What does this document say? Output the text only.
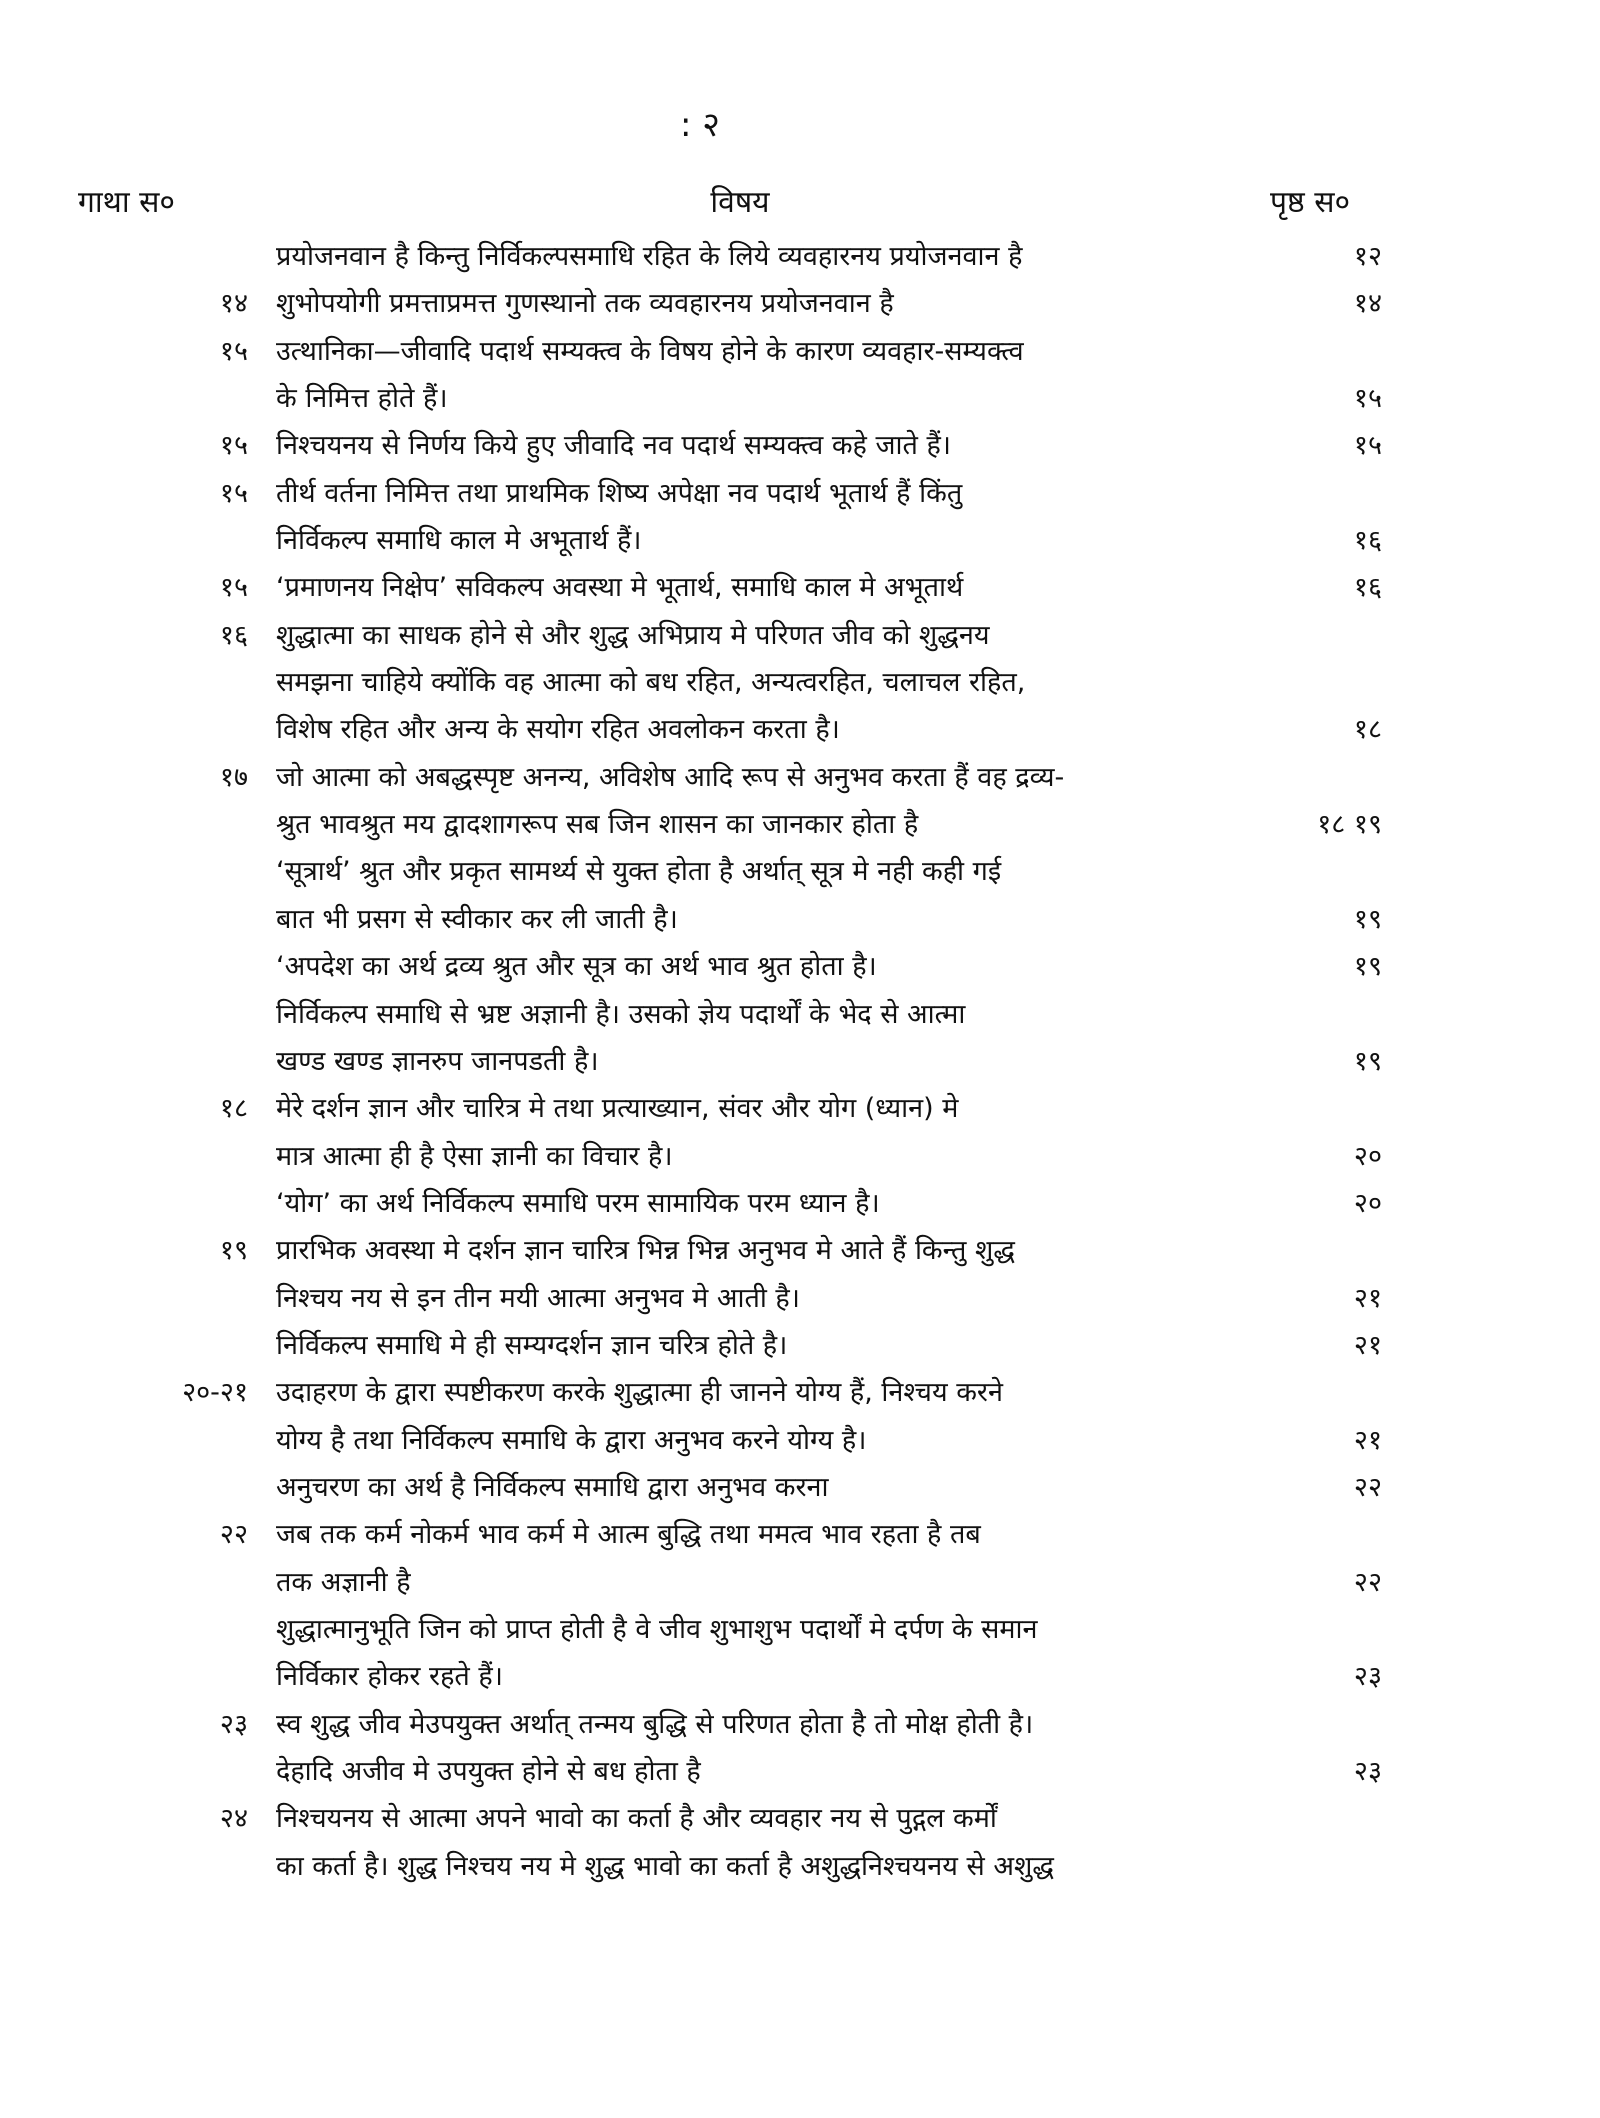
: २
गाथा स०	विषय	पृष्ठ स०
प्रयोजनवान है किन्तु निर्विकल्पसमाधि रहित के लिये व्यवहारनय प्रयोजनवान है	१२
१४ शुभोपयोगी प्रमत्ताप्रमत्त गुणस्थानो तक व्यवहारनय प्रयोजनवान है	१४
१५ उत्थानिका—जीवादि पदार्थ सम्यक्त्व के विषय होने के कारण व्यवहार-सम्यक्त्व
के निमित्त होते हैं।	१५
१५ निश्चयनय से निर्णय किये हुए जीवादि नव पदार्थ सम्यक्त्व कहे जाते हैं।	१५
१५ तीर्थ वर्तना निमित्त तथा प्राथमिक शिष्य अपेक्षा नव पदार्थ भूतार्थ हैं किंतु
निर्विकल्प समाधि काल मे अभूतार्थ हैं।	१६
१५ ‘प्रमाणनय निक्षेप’ सविकल्प अवस्था मे भूतार्थ, समाधि काल मे अभूतार्थ	१६
१६ शुद्धात्मा का साधक होने से और शुद्ध अभिप्राय मे परिणत जीव को शुद्धनय
समझना चाहिये क्योंकि वह आत्मा को बध रहित, अन्यत्वरहित, चलाचल रहित,
विशेष रहित और अन्य के सयोग रहित अवलोकन करता है।	१८
१७ जो आत्मा को अबद्धस्पृष्ट अनन्य, अविशेष आदि रूप से अनुभव करता हैं वह द्रव्य-
श्रुत भावश्रुत मय द्वादशागरूप सब जिन शासन का जानकार होता है	१८ १९
‘सूत्रार्थ’ श्रुत और प्रकृत सामर्थ्य से युक्त होता है अर्थात् सूत्र मे नही कही गई
बात भी प्रसग से स्वीकार कर ली जाती है।	१९
‘अपदेश का अर्थ द्रव्य श्रुत और सूत्र का अर्थ भाव श्रुत होता है।	१९
निर्विकल्प समाधि से भ्रष्ट अज्ञानी है। उसको ज्ञेय पदार्थों के भेद से आत्मा
खण्ड खण्ड ज्ञानरुप जानपडती है।	१९
१८ मेरे दर्शन ज्ञान और चारित्र मे तथा प्रत्याख्यान, संवर और योग (ध्यान) मे
मात्र आत्मा ही है ऐसा ज्ञानी का विचार है।	२०
‘योग’ का अर्थ निर्विकल्प समाधि परम सामायिक परम ध्यान है।	२०
१९ प्रारभिक अवस्था मे दर्शन ज्ञान चारित्र भिन्न भिन्न अनुभव मे आते हैं किन्तु शुद्ध
निश्चय नय से इन तीन मयी आत्मा अनुभव मे आती है।	२१
निर्विकल्प समाधि मे ही सम्यग्दर्शन ज्ञान चरित्र होते है।	२१
२०-२१ उदाहरण के द्वारा स्पष्टीकरण करके शुद्धात्मा ही जानने योग्य हैं, निश्चय करने
योग्य है तथा निर्विकल्प समाधि के द्वारा अनुभव करने योग्य है।	२१
अनुचरण का अर्थ है निर्विकल्प समाधि द्वारा अनुभव करना	२२
२२ जब तक कर्म नोकर्म भाव कर्म मे आत्म बुद्धि तथा ममत्व भाव रहता है तब
तक अज्ञानी है	२२
शुद्धात्मानुभूति जिन को प्राप्त होती है वे जीव शुभाशुभ पदार्थों मे दर्पण के समान
निर्विकार होकर रहते हैं।	२३
२३ स्व शुद्ध जीव मेउपयुक्त अर्थात् तन्मय बुद्धि से परिणत होता है तो मोक्ष होती है।
देहादि अजीव मे उपयुक्त होने से बध होता है	२३
२४ निश्चयनय से आत्मा अपने भावो का कर्ता है और व्यवहार नय से पुद्गल कर्मों
का कर्ता है। शुद्ध निश्चय नय मे शुद्ध भावो का कर्ता है अशुद्धनिश्चयनय से अशुद्ध
